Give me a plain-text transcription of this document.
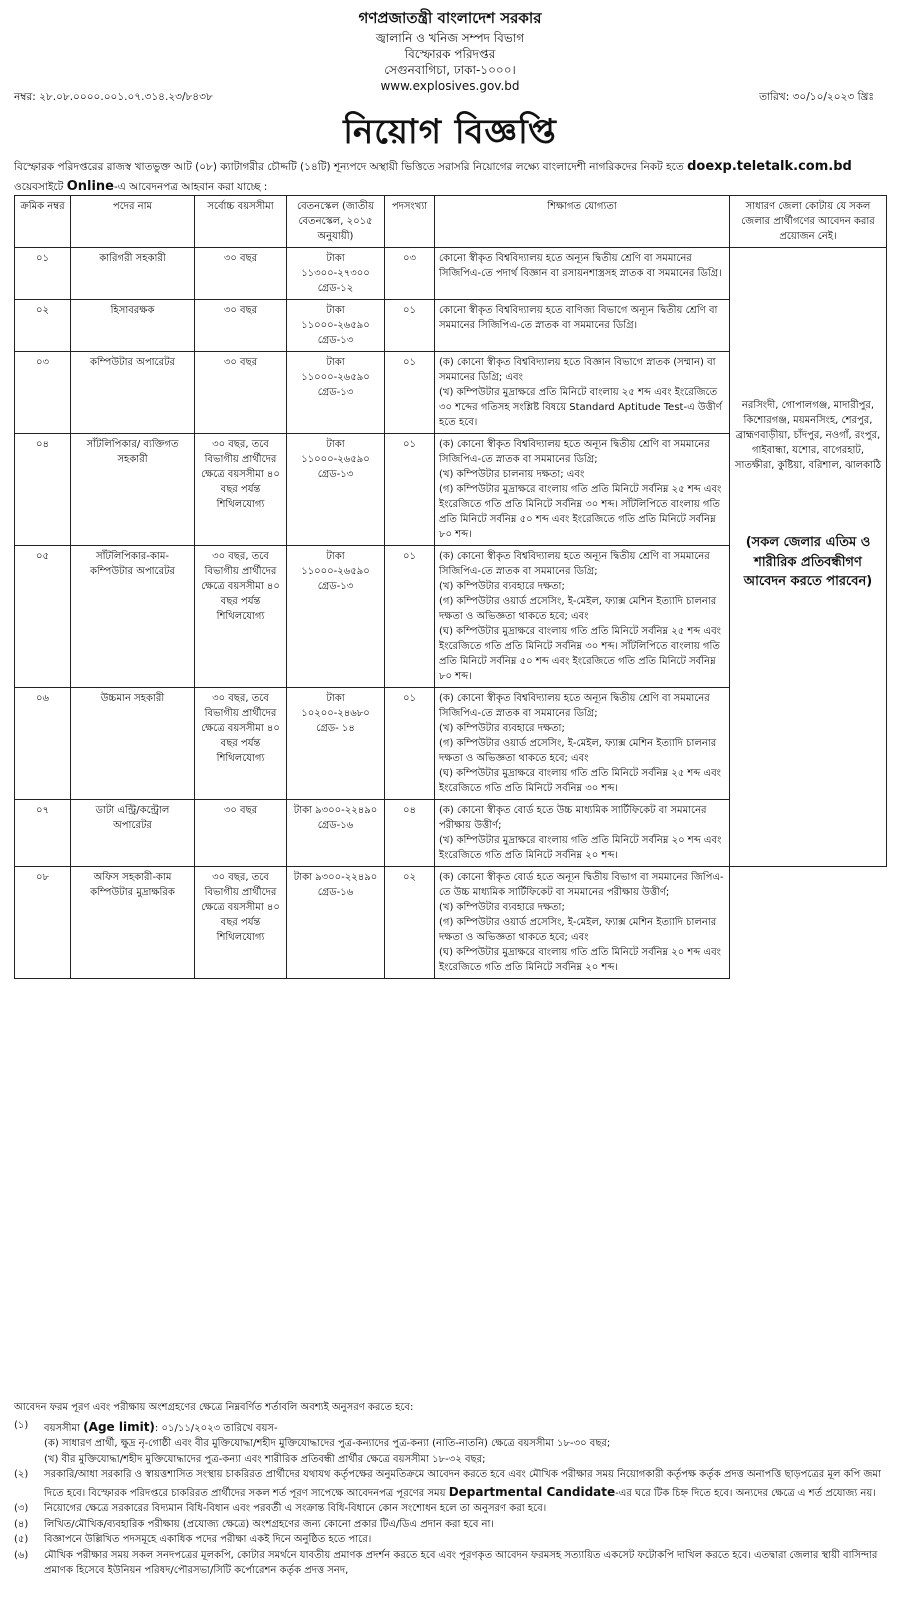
গণপ্রজাতন্ত্রী বাংলাদেশ সরকার
জ্বালানি ও খনিজ সম্পদ বিভাগ
বিস্ফোরক পরিদপ্তর
সেগুনবাগিচা, ঢাকা-১০০০।
www.explosives.gov.bd
নম্বর: ২৮.০৮.০০০০.০০১.০৭.৩১৪.২৩/৮৪৩৮	তারিখ: ৩০/১০/২০২৩ খ্রিঃ
নিয়োগ বিজ্ঞপ্তি
বিস্ফোরক পরিদপ্তরের রাজস্ব খাতভুক্ত আট (০৮) ক্যাটাগরীর চৌদ্দটি (১৪টি) শূন্যপদে অস্থায়ী ভিত্তিতে সরাসরি নিয়োগের লক্ষ্যে বাংলাদেশী নাগরিকদের নিকট হতে doexp.teletalk.com.bd ওয়েবসাইটে Online-এ আবেদনপত্র আহবান করা যাচ্ছে :
ক্রমিক নম্বর	পদের নাম	সর্বোচ্চ বয়সসীমা	বেতনস্কেল (জাতীয় বেতনস্কেল, ২০১৫ অনুযায়ী)	পদসংখ্যা	শিক্ষাগত যোগ্যতা	সাধারণ জেলা কোটায় যে সকল জেলার প্রার্থীগণের আবেদন করার প্রয়োজন নেই।
০১	কারিগরী সহকারী	৩০ বছর	টাকা ১১৩০০-২৭৩০০ গ্রেড-১২	০৩	কোনো স্বীকৃত বিশ্ববিদ্যালয় হতে অন্যূন দ্বিতীয় শ্রেণি বা সমমানের সিজিপিএ-তে পদার্থ বিজ্ঞান বা রসায়নশাস্ত্রসহ স্নাতক বা সমমানের ডিগ্রি।	নরসিংদী, গোপালগঞ্জ, মাদারীপুর, কিশোরগঞ্জ, ময়মনসিংহ, শেরপুর, ব্রাহ্মণবাড়ীয়া, চাঁদপুর, নওগাঁ, রংপুর, গাইবান্ধা, যশোর, বাগেরহাট, সাতক্ষীরা, কুষ্টিয়া, বরিশাল, ঝালকাঠি
(সকল জেলার এতিম ও শারীরিক প্রতিবন্ধীগণ আবেদন করতে পারবেন)

০২	হিসাবরক্ষক	৩০ বছর	টাকা ১১০০০-২৬৫৯০ গ্রেড-১৩	০১	কোনো স্বীকৃত বিশ্ববিদ্যালয় হতে বাণিজ্য বিভাগে অন্যূন দ্বিতীয় শ্রেণি বা সমমানের সিজিপিএ-তে স্নাতক বা সমমানের ডিগ্রি।	

০৩	কম্পিউটার অপারেটর	৩০ বছর	টাকা ১১০০০-২৬৫৯০ গ্রেড-১৩	০১	(ক) কোনো স্বীকৃত বিশ্ববিদ্যালয় হতে বিজ্ঞান বিভাগে স্নাতক (সম্মান) বা সমমানের ডিগ্রি; এবং
(খ) কম্পিউটার মুদ্রাক্ষরে প্রতি মিনিটে বাংলায় ২৫ শব্দ এবং ইংরেজিতে ৩০ শব্দের গতিসহ সংশ্লিষ্ট বিষয়ে Standard Aptitude Test-এ উত্তীর্ণ হতে হবে।	

০৪	সাঁটলিপিকার/ ব্যক্তিগত সহকারী	৩০ বছর, তবে বিভাগীয় প্রার্থীদের ক্ষেত্রে বয়সসীমা ৪০ বছর পর্যন্ত শিথিলযোগ্য	টাকা ১১০০০-২৬৫৯০ গ্রেড-১৩	০১	(ক) কোনো স্বীকৃত বিশ্ববিদ্যালয় হতে অন্যূন দ্বিতীয় শ্রেণি বা সমমানের সিজিপিএ-তে স্নাতক বা সমমানের ডিগ্রি;
(খ) কম্পিউটার চালনায় দক্ষতা; এবং
(গ) কম্পিউটার মুদ্রাক্ষরে বাংলায় গতি প্রতি মিনিটে সর্বনিম্ন ২৫ শব্দ এবং ইংরেজিতে গতি প্রতি মিনিটে সর্বনিম্ন ৩০ শব্দ। সাঁটলিপিতে বাংলায় গতি প্রতি মিনিটে সর্বনিম্ন ৫০ শব্দ এবং ইংরেজিতে গতি প্রতি মিনিটে সর্বনিম্ন ৮০ শব্দ।	

০৫	সাঁটলিপিকার-কাম-কম্পিউটার অপারেটর	৩০ বছর, তবে বিভাগীয় প্রার্থীদের ক্ষেত্রে বয়সসীমা ৪০ বছর পর্যন্ত শিথিলযোগ্য	টাকা ১১০০০-২৬৫৯০ গ্রেড-১৩	০১	(ক) কোনো স্বীকৃত বিশ্ববিদ্যালয় হতে অন্যূন দ্বিতীয় শ্রেণি বা সমমানের সিজিপিএ-তে স্নাতক বা সমমানের ডিগ্রি;
(খ) কম্পিউটার ব্যবহারে দক্ষতা;
(গ) কম্পিউটার ওয়ার্ড প্রসেসিং, ই-মেইল, ফ্যাক্স মেশিন ইত্যাদি চালনার দক্ষতা ও অভিজ্ঞতা থাকতে হবে; এবং
(ঘ) কম্পিউটার মুদ্রাক্ষরে বাংলায় গতি প্রতি মিনিটে সর্বনিম্ন ২৫ শব্দ এবং ইংরেজিতে গতি প্রতি মিনিটে সর্বনিম্ন ৩০ শব্দ। সাঁটলিপিতে বাংলায় গতি প্রতি মিনিটে সর্বনিম্ন ৫০ শব্দ এবং ইংরেজিতে গতি প্রতি মিনিটে সর্বনিম্ন ৮০ শব্দ।	

০৬	উচ্চমান সহকারী	৩০ বছর, তবে বিভাগীয় প্রার্থীদের ক্ষেত্রে বয়সসীমা ৪০ বছর পর্যন্ত শিথিলযোগ্য	টাকা ১০২০০-২৪৬৮০ গ্রেড- ১৪	০১	(ক) কোনো স্বীকৃত বিশ্ববিদ্যালয় হতে অন্যূন দ্বিতীয় শ্রেণি বা সমমানের সিজিপিএ-তে স্নাতক বা সমমানের ডিগ্রি;
(খ) কম্পিউটার ব্যবহারে দক্ষতা;
(গ) কম্পিউটার ওয়ার্ড প্রসেসিং, ই-মেইল, ফ্যাক্স মেশিন ইত্যাদি চালনার দক্ষতা ও অভিজ্ঞতা থাকতে হবে; এবং
(ঘ) কম্পিউটার মুদ্রাক্ষরে বাংলায় গতি প্রতি মিনিটে সর্বনিম্ন ২৫ শব্দ এবং ইংরেজিতে গতি প্রতি মিনিটে সর্বনিম্ন ৩০ শব্দ।	

০৭	ডাটা এন্ট্রি/কন্ট্রোল অপারেটর	৩০ বছর	টাকা ৯৩০০-২২৪৯০ গ্রেড-১৬	০৪	(ক) কোনো স্বীকৃত বোর্ড হতে উচ্চ মাধ্যমিক সার্টিফিকেট বা সমমানের পরীক্ষায় উত্তীর্ণ;
(খ) কম্পিউটার মুদ্রাক্ষরে বাংলায় গতি প্রতি মিনিটে সর্বনিম্ন ২০ শব্দ এবং ইংরেজিতে গতি প্রতি মিনিটে সর্বনিম্ন ২০ শব্দ।	

০৮	অফিস সহকারী-কাম কম্পিউটার মুদ্রাক্ষরিক	৩০ বছর, তবে বিভাগীয় প্রার্থীদের ক্ষেত্রে বয়সসীমা ৪০ বছর পর্যন্ত শিথিলযোগ্য	টাকা ৯৩০০-২২৪৯০ গ্রেড-১৬	০২	(ক) কোনো স্বীকৃত বোর্ড হতে অন্যূন দ্বিতীয় বিভাগ বা সমমানের জিপিএ-তে উচ্চ মাধ্যমিক সার্টিফিকেট বা সমমানের পরীক্ষায় উত্তীর্ণ;
(খ) কম্পিউটার ব্যবহারে দক্ষতা;
(গ) কম্পিউটার ওয়ার্ড প্রসেসিং, ই-মেইল, ফ্যাক্স মেশিন ইত্যাদি চালনার দক্ষতা ও অভিজ্ঞতা থাকতে হবে; এবং
(ঘ) কম্পিউটার মুদ্রাক্ষরে বাংলায় গতি প্রতি মিনিটে সর্বনিম্ন ২০ শব্দ এবং ইংরেজিতে গতি প্রতি মিনিটে সর্বনিম্ন ২০ শব্দ।	

আবেদন ফরম পূরণ এবং পরীক্ষায় অংশগ্রহণের ক্ষেত্রে নিম্নবর্ণিত শর্তাবলি অবশ্যই অনুসরণ করতে হবে:
(১)	বয়সসীমা (Age limit): ০১/১১/২০২৩ তারিখে বয়স-
(ক) সাধারণ প্রার্থী, ক্ষুদ্র নৃ-গোষ্ঠী এবং বীর মুক্তিযোদ্ধা/শহীদ মুক্তিযোদ্ধাদের পুত্র-কন্যাদের পুত্র-কন্যা (নাতি-নাতনি) ক্ষেত্রে বয়সসীমা ১৮-৩০ বছর;
(খ) বীর মুক্তিযোদ্ধা/শহীদ মুক্তিযোদ্ধাদের পুত্র-কন্যা এবং শারীরিক প্রতিবন্ধী প্রার্থীর ক্ষেত্রে বয়সসীমা ১৮-৩২ বছর;
(২)	সরকারি/আধা সরকারি ও স্বায়ত্তশাসিত সংস্থায় চাকরিরত প্রার্থীদের যথাযথ কর্তৃপক্ষের অনুমতিক্রমে আবেদন করতে হবে এবং মৌখিক পরীক্ষার সময় নিয়োগকারী কর্তৃপক্ষ কর্তৃক প্রদত্ত অনাপত্তি ছাড়পত্রের মূল কপি জমা দিতে হবে। বিস্ফোরক পরিদপ্তরে চাকরিরত প্রার্থীদের সকল শর্ত পূরণ সাপেক্ষে আবেদনপত্র পূরণের সময় Departmental Candidate-এর ঘরে টিক চিহ্ন দিতে হবে। অন্যদের ক্ষেত্রে এ শর্ত প্রযোজ্য নয়।
(৩)	নিয়োগের ক্ষেত্রে সরকারের বিদ্যমান বিধি-বিধান এবং পরবর্তী এ সংক্রান্ত বিধি-বিধানে কোন সংশোধন হলে তা অনুসরণ করা হবে।
(৪)	লিখিত/মৌখিক/ব্যবহারিক পরীক্ষায় (প্রযোজ্য ক্ষেত্রে) অংশগ্রহণের জন্য কোনো প্রকার টিএ/ডিএ প্রদান করা হবে না।
(৫)	বিজ্ঞাপনে উল্লিখিত পদসমূহে একাধিক পদের পরীক্ষা একই দিনে অনুষ্ঠিত হতে পারে।
(৬)	মৌখিক পরীক্ষার সময় সকল সনদপত্রের মূলকপি, কোটার সমর্থনে যাবতীয় প্রমাণক প্রদর্শন করতে হবে এবং পূরণকৃত আবেদন ফরমসহ সত্যায়িত একসেট ফটোকপি দাখিল করতে হবে। এতদ্বারা জেলার স্থায়ী বাসিন্দার প্রমাণক হিসেবে ইউনিয়ন পরিষদ/পৌরসভা/সিটি কর্পোরেশন কর্তৃক প্রদত্ত সনদ,
